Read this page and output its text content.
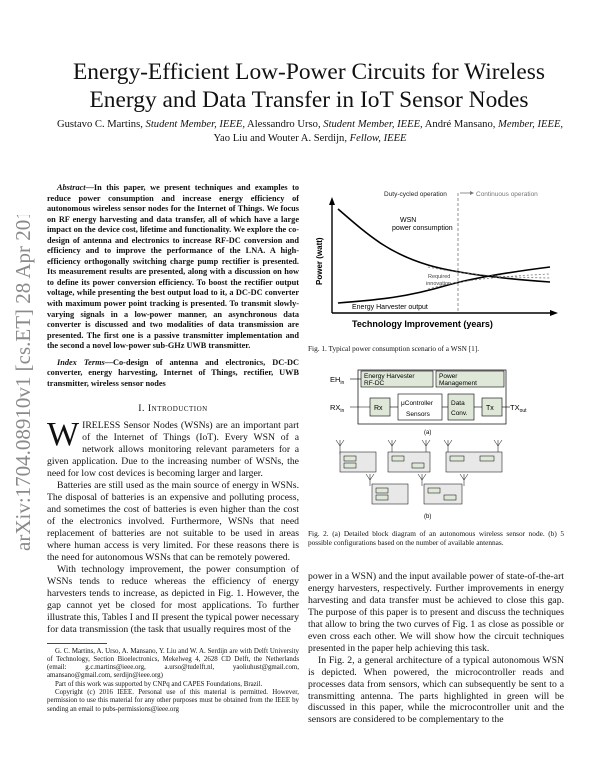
arXiv:1704.08910v1 [cs.ET] 28 Apr 2017
Energy-Efficient Low-Power Circuits for Wireless Energy and Data Transfer in IoT Sensor Nodes
Gustavo C. Martins, Student Member, IEEE, Alessandro Urso, Student Member, IEEE, André Mansano, Member, IEEE, Yao Liu and Wouter A. Serdijn, Fellow, IEEE

Abstract—In this paper, we present techniques and examples to reduce power consumption and increase energy efficiency of autonomous wireless sensor nodes for the Internet of Things. We focus on RF energy harvesting and data transfer, all of which have a large impact on the device cost, lifetime and functionality. We explore the co-design of antenna and electronics to increase RF-DC conversion and efficiency and to improve the performance of the LNA. A high-efficiency orthogonally switching charge pump rectifier is presented. Its measurement results are presented, along with a discussion on how to define its power conversion efficiency. To boost the rectifier output voltage, while presenting the best output load to it, a DC-DC converter with maximum power point tracking is presented. To transmit slowly-varying signals in a low-power manner, an asynchronous data converter is discussed and two modalities of data transmission are presented. The first one is a passive transmitter implementation and the second a novel low-power sub-GHz UWB transmitter.

Index Terms—Co-design of antenna and electronics, DC-DC converter, energy harvesting, Internet of Things, rectifier, UWB transmitter, wireless sensor nodes

I. Introduction

WIRELESS Sensor Nodes (WSNs) are an important part of the Internet of Things (IoT). Every WSN of a network allows monitoring relevant parameters for a given application. Due to the increasing number of WSNs, the need for low cost devices is becoming larger and larger.

Batteries are still used as the main source of energy in WSNs. The disposal of batteries is an expensive and polluting process, and sometimes the cost of batteries is even higher than the cost of the electronics involved. Furthermore, WSNs that need replacement of batteries are not suitable to be used in areas where human access is very limited. For these reasons there is the need for autonomous WSNs that can be remotely powered.

With technology improvement, the power consumption of WSNs tends to reduce whereas the efficiency of energy harvesters tends to increase, as depicted in Fig. 1. However, the gap cannot yet be closed for most applications. To further illustrate this, Tables I and II present the typical power necessary for data transmission (the task that usually requires most of the

G. C. Martins, A. Urso, A. Mansano, Y. Liu and W. A. Serdijn are with Delft University of Technology, Section Bioelectronics, Mekelweg 4, 2628 CD Delft, the Netherlands (email: g.c.martins@ieee.org, a.urso@tudelft.nl, yaoliuhust@gmail.com, amansano@gmail.com, serdijn@ieee.org)

Part of this work was supported by CNPq and CAPES Foundations, Brazil.

Copyright (c) 2016 IEEE. Personal use of this material is permitted. However, permission to use this material for any other purposes must be obtained from the IEEE by sending an email to pubs-permissions@ieee.org

Duty-cycled operation	Continuous operation
Power (watt)
Technology Improvement (years)
WSN
power consumption
Energy Harvester output
Required
innovation
Fig. 1. Typical power consumption scenario of a WSN [1].
$EH_{in}$
Energy Harvester
RF-DC
Power
Management
$RX_{in}$	Rx
μController
Sensors
Data
Conv.
Tx $TX_{out}$
(a)
(b)
Fig. 2. (a) Detailed block diagram of an autonomous wireless sensor node. (b) 5 possible configurations based on the number of available antennas.

power in a WSN) and the input available power of state-of-the-art energy harvesters, respectively. Further improvements in energy harvesting and data transfer must be achieved to close this gap. The purpose of this paper is to present and discuss the techniques that allow to bring the two curves of Fig. 1 as close as possible or even cross each other. We will show how the circuit techniques presented in the paper help achieving this task.

In Fig. 2, a general architecture of a typical autonomous WSN is depicted. When powered, the microcontroller reads and processes data from sensors, which can subsequently be sent to a transmitting antenna. The parts highlighted in green will be discussed in this paper, while the microcontroller unit and the sensors are considered to be complementary to the
